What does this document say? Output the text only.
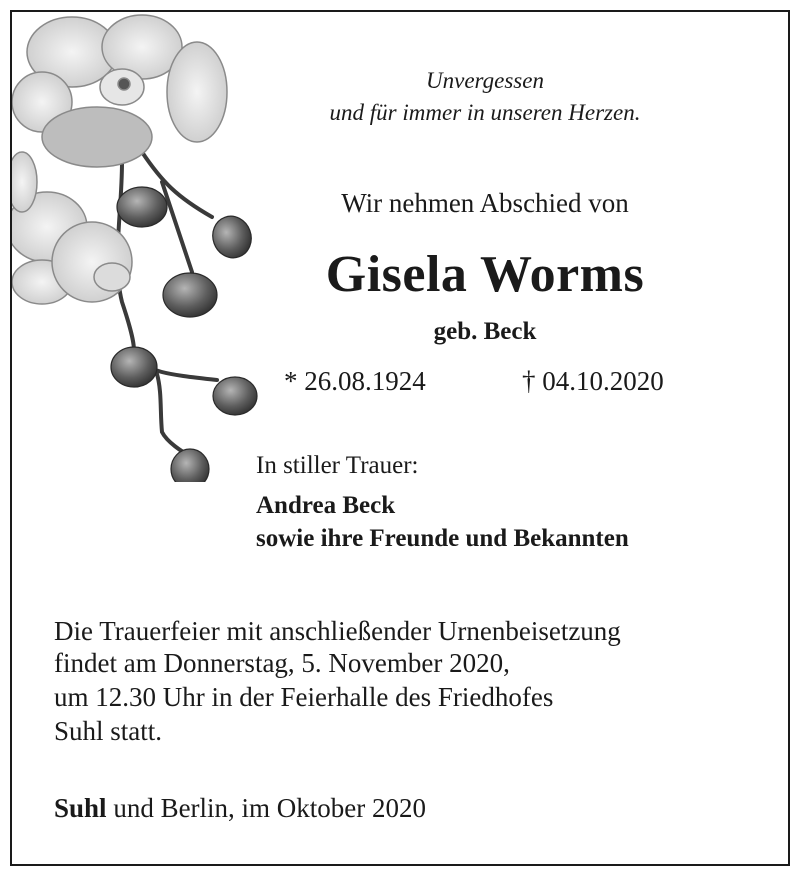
Unvergessen
und für immer in unseren Herzen.
Wir nehmen Abschied von
Gisela Worms
geb. Beck
* 26.08.1924	† 04.10.2020
In stiller Trauer:
Andrea Beck
sowie ihre Freunde und Bekannten
Die Trauerfeier mit anschließender Urnenbeisetzung
findet am Donnerstag, 5. November 2020,
um 12.30 Uhr in der Feierhalle des Friedhofes
Suhl statt.
Suhl und Berlin, im Oktober 2020
